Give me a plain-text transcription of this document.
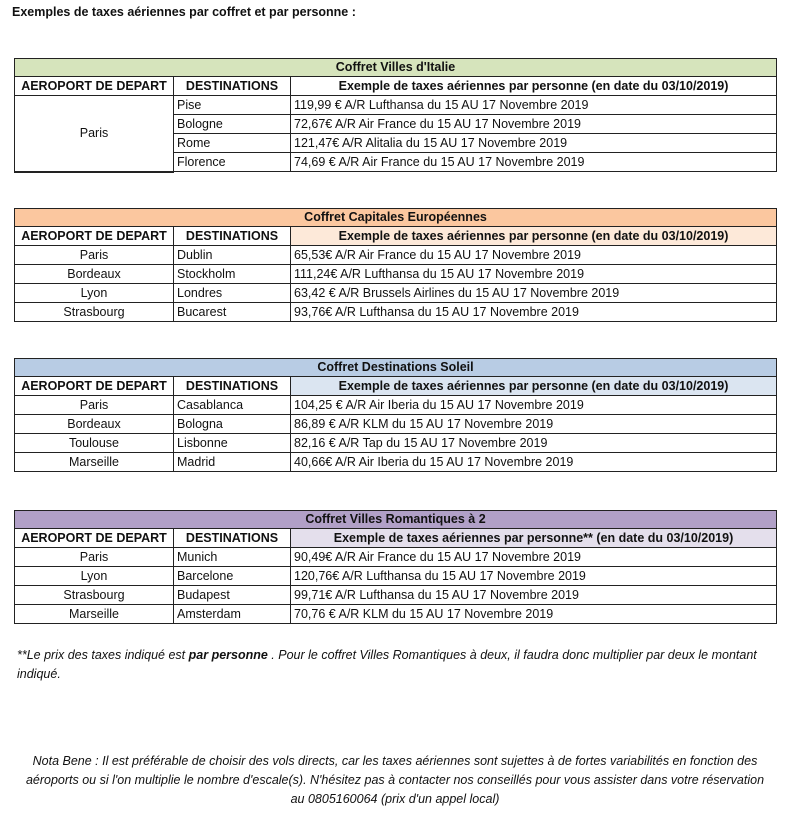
Exemples de taxes aériennes par coffret et par personne :
Coffret Villes d'Italie		
AEROPORT DE DEPART	DESTINATIONS	Exemple de taxes aériennes par personne (en date du 03/10/2019)
Paris	Pise	119,99 € A/R Lufthansa du 15 AU 17 Novembre 2019
	Bologne	72,67€ A/R Air France du 15 AU 17 Novembre 2019
	Rome	121,47€ A/R Alitalia du 15 AU 17 Novembre 2019
	Florence	74,69 € A/R Air France du 15 AU 17 Novembre 2019
Coffret Capitales Européennes		
AEROPORT DE DEPART	DESTINATIONS	Exemple de taxes aériennes par personne (en date du 03/10/2019)
Paris	Dublin	65,53€ A/R Air France du 15 AU 17 Novembre 2019
Bordeaux	Stockholm	111,24€ A/R Lufthansa du 15 AU 17 Novembre 2019
Lyon	Londres	63,42 € A/R Brussels Airlines du 15 AU 17 Novembre 2019
Strasbourg	Bucarest	93,76€ A/R Lufthansa du 15 AU 17 Novembre 2019
Coffret Destinations Soleil		
AEROPORT DE DEPART	DESTINATIONS	Exemple de taxes aériennes par personne (en date du 03/10/2019)
Paris	Casablanca	104,25 € A/R Air Iberia du 15 AU 17 Novembre 2019
Bordeaux	Bologna	86,89 € A/R KLM du 15 AU 17 Novembre 2019
Toulouse	Lisbonne	82,16 € A/R Tap du 15 AU 17 Novembre 2019
Marseille	Madrid	40,66€ A/R Air Iberia du 15 AU 17 Novembre 2019
Coffret Villes Romantiques à 2		
AEROPORT DE DEPART	DESTINATIONS	Exemple de taxes aériennes par personne** (en date du 03/10/2019)
Paris	Munich	90,49€ A/R Air France du 15 AU 17 Novembre 2019
Lyon	Barcelone	120,76€ A/R Lufthansa du 15 AU 17 Novembre 2019
Strasbourg	Budapest	99,71€ A/R Lufthansa du 15 AU 17 Novembre 2019
Marseille	Amsterdam	70,76 € A/R KLM du 15 AU 17 Novembre 2019
**Le prix des taxes indiqué est par personne . Pour le coffret Villes Romantiques à deux, il faudra donc multiplier par deux le montant indiqué.
Nota Bene : Il est préférable de choisir des vols directs, car les taxes aériennes sont sujettes à de fortes variabilités en fonction des aéroports ou si l'on multiplie le nombre d'escale(s). N'hésitez pas à contacter nos conseillés pour vous assister dans votre réservation au 0805160064 (prix d'un appel local)
